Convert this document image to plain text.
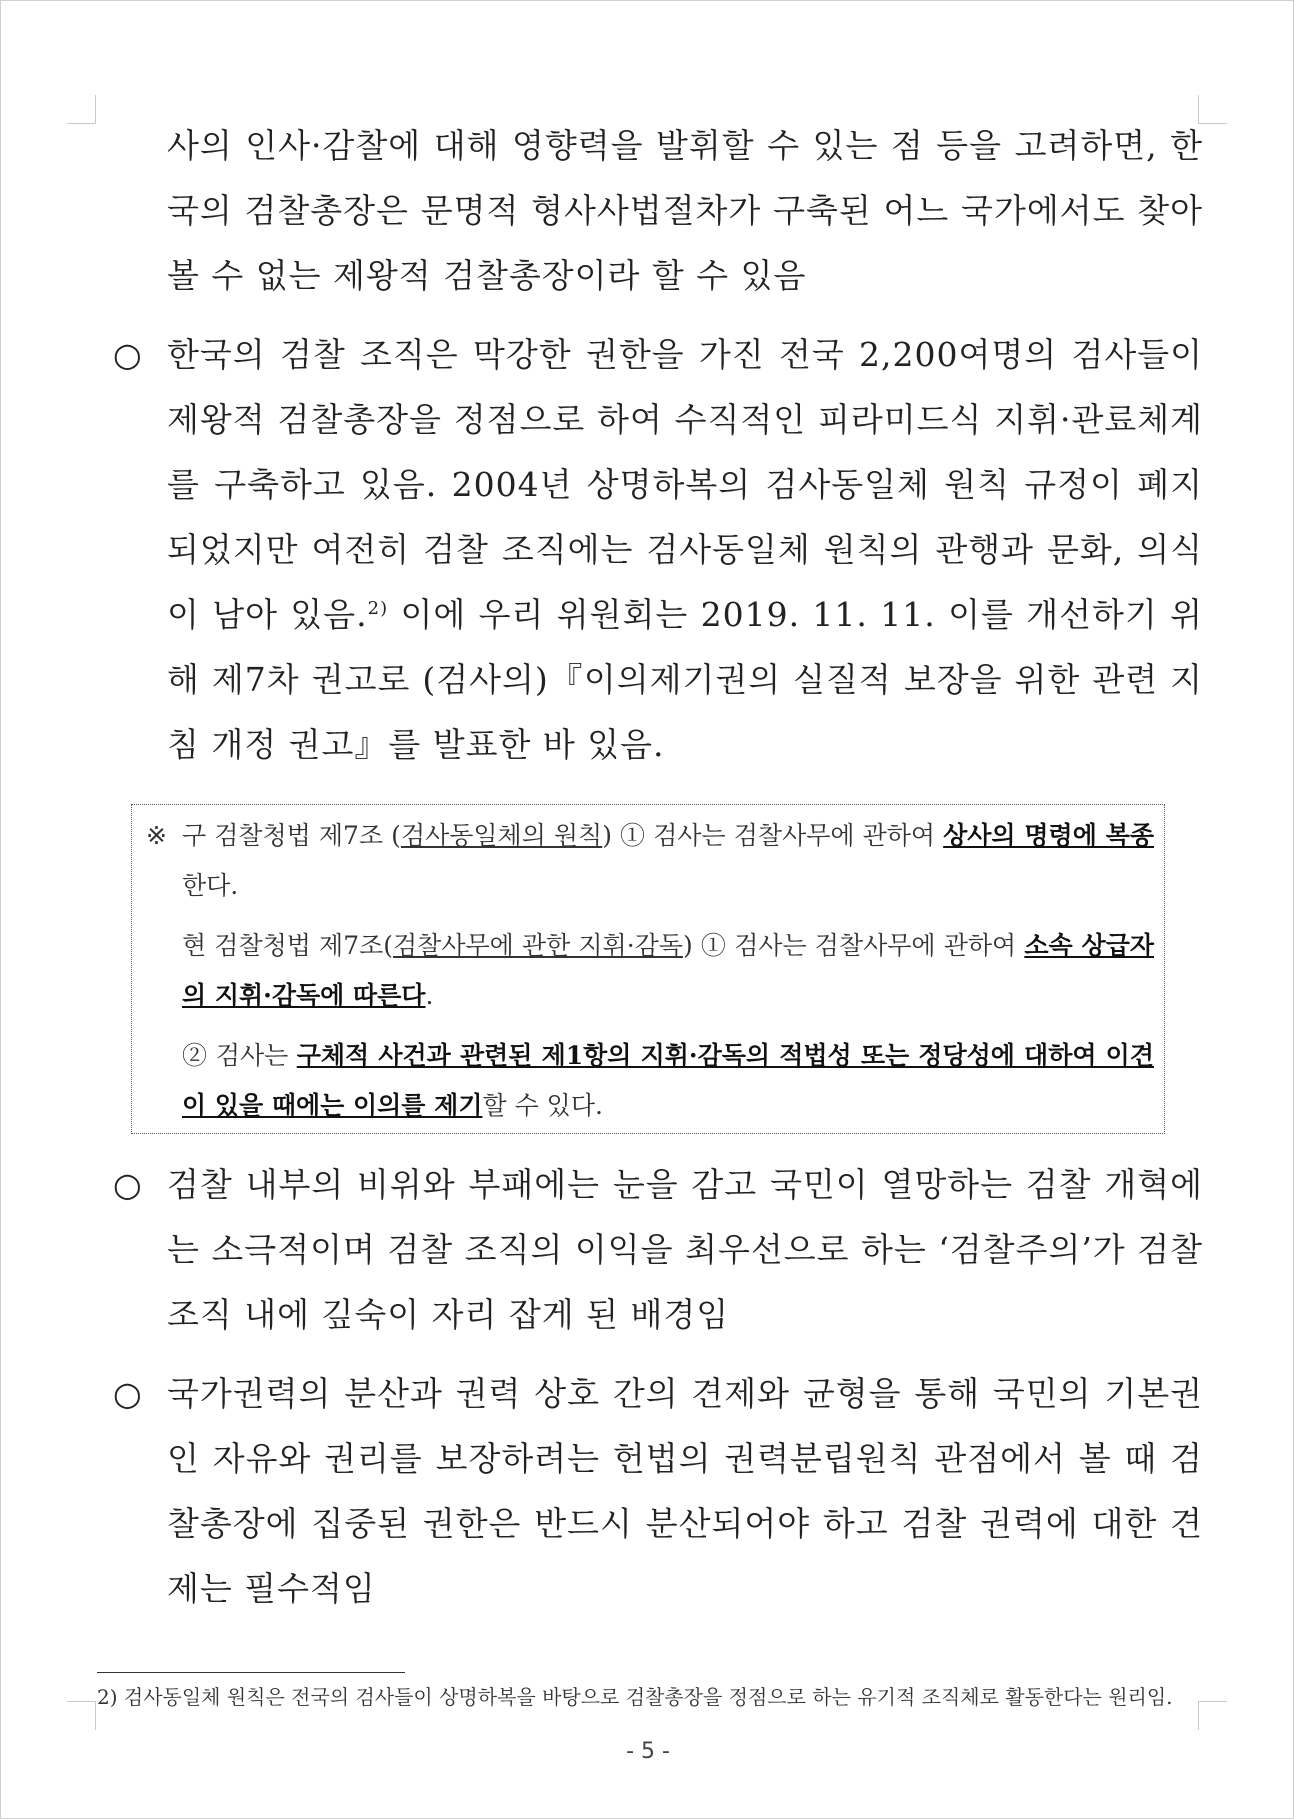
사의 인사·감찰에 대해 영향력을 발휘할 수 있는 점 등을 고려하면, 한국의 검찰총장은 문명적 형사사법절차가 구축된 어느 국가에서도 찾아볼 수 없는 제왕적 검찰총장이라 할 수 있음
○ 한국의 검찰 조직은 막강한 권한을 가진 전국 2,200여명의 검사들이 제왕적 검찰총장을 정점으로 하여 수직적인 피라미드식 지휘·관료체계를 구축하고 있음. 2004년 상명하복의 검사동일체 원칙 규정이 폐지되었지만 여전히 검찰 조직에는 검사동일체 원칙의 관행과 문화, 의식이 남아 있음.$^{2)}$ 이에 우리 위원회는 2019. 11. 11. 이를 개선하기 위해 제7차 권고로 (검사의)『이의제기권의 실질적 보장을 위한 관련 지침 개정 권고』를 발표한 바 있음.
※ 구 검찰청법 제7조 (검사동일체의 원칙) ① 검사는 검찰사무에 관하여 상사의 명령에 복종한다.
현 검찰청법 제7조(검찰사무에 관한 지휘·감독) ① 검사는 검찰사무에 관하여 소속 상급자의 지휘·감독에 따른다.
② 검사는 구체적 사건과 관련된 제1항의 지휘·감독의 적법성 또는 정당성에 대하여 이견이 있을 때에는 이의를 제기할 수 있다.
○ 검찰 내부의 비위와 부패에는 눈을 감고 국민이 열망하는 검찰 개혁에는 소극적이며 검찰 조직의 이익을 최우선으로 하는 ‘검찰주의’가 검찰 조직 내에 깊숙이 자리 잡게 된 배경임
○ 국가권력의 분산과 권력 상호 간의 견제와 균형을 통해 국민의 기본권인 자유와 권리를 보장하려는 헌법의 권력분립원칙 관점에서 볼 때 검찰총장에 집중된 권한은 반드시 분산되어야 하고 검찰 권력에 대한 견제는 필수적임
2) 검사동일체 원칙은 전국의 검사들이 상명하복을 바탕으로 검찰총장을 정점으로 하는 유기적 조직체로 활동한다는 원리임.
- 5 -
